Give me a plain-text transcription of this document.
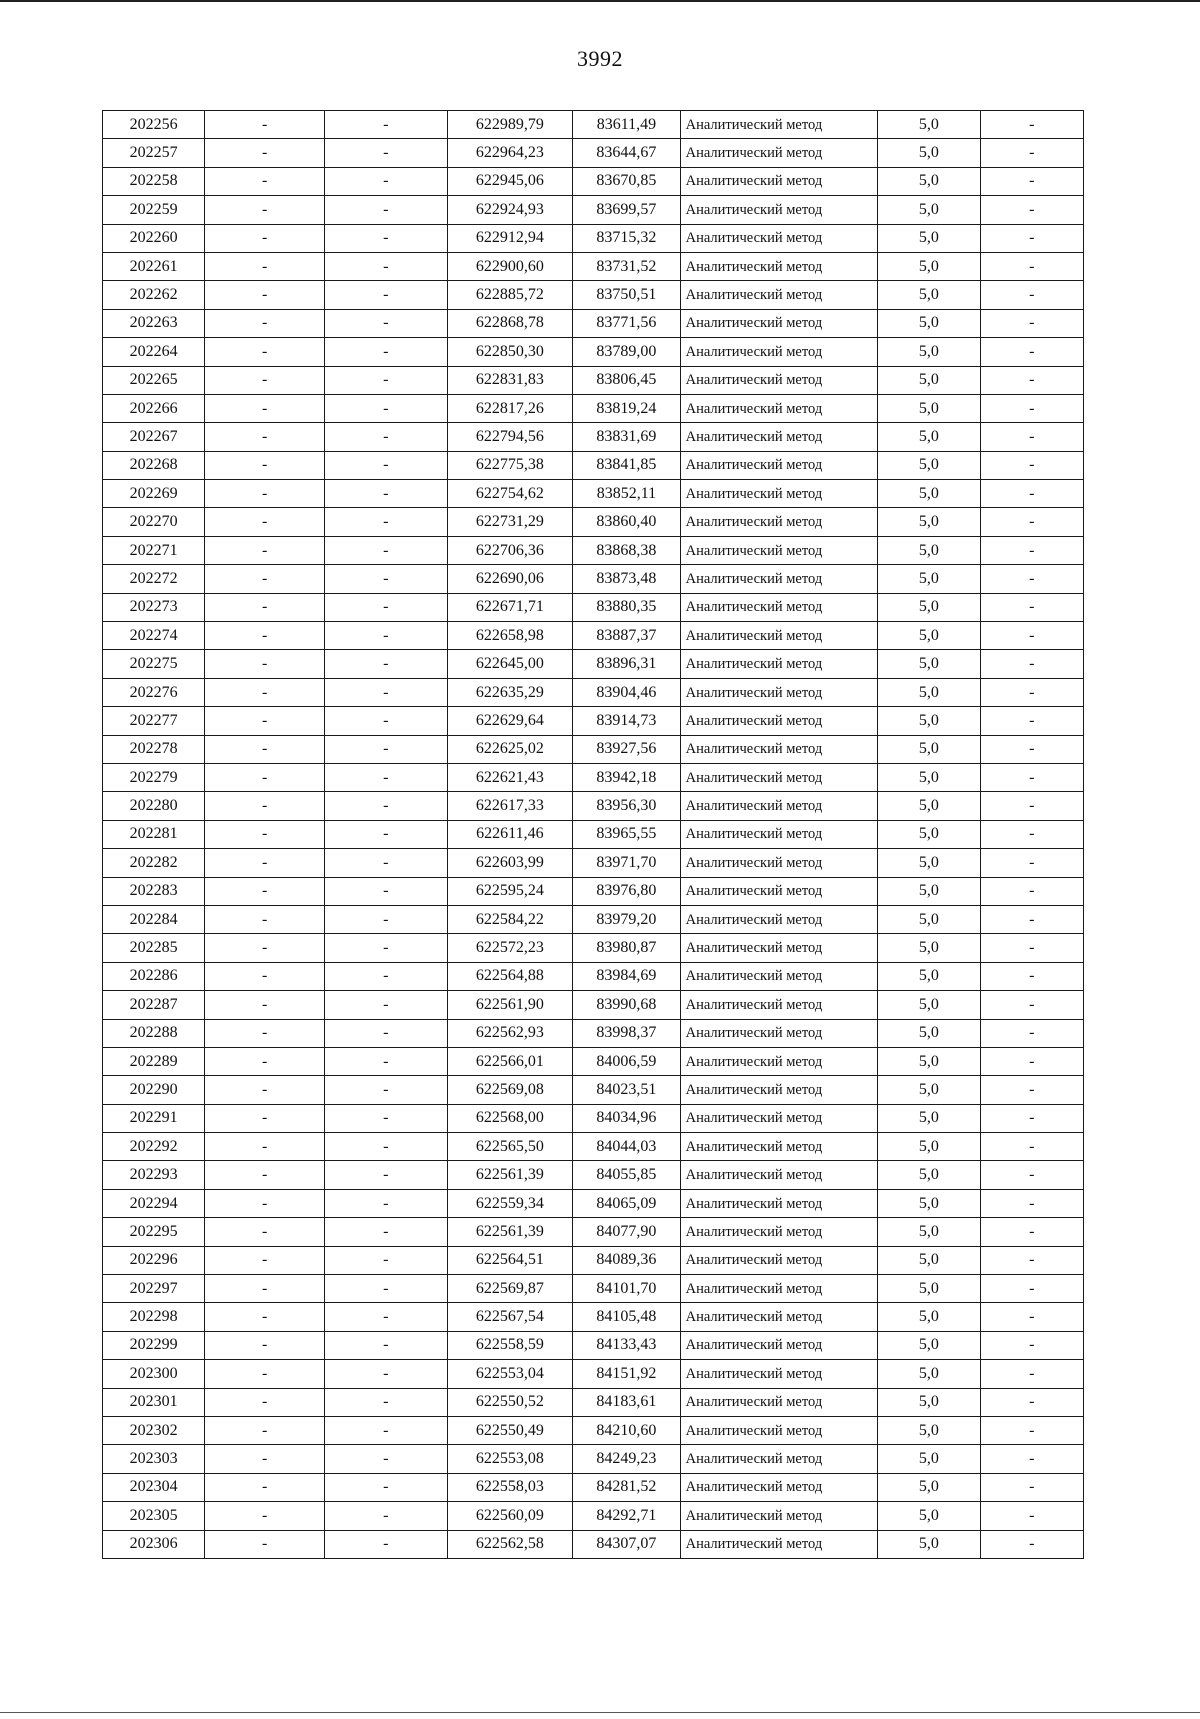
3992
202256	-	-	622989,79	83611,49	Аналитический метод	5,0	-
202257	-	-	622964,23	83644,67	Аналитический метод	5,0	-
202258	-	-	622945,06	83670,85	Аналитический метод	5,0	-
202259	-	-	622924,93	83699,57	Аналитический метод	5,0	-
202260	-	-	622912,94	83715,32	Аналитический метод	5,0	-
202261	-	-	622900,60	83731,52	Аналитический метод	5,0	-
202262	-	-	622885,72	83750,51	Аналитический метод	5,0	-
202263	-	-	622868,78	83771,56	Аналитический метод	5,0	-
202264	-	-	622850,30	83789,00	Аналитический метод	5,0	-
202265	-	-	622831,83	83806,45	Аналитический метод	5,0	-
202266	-	-	622817,26	83819,24	Аналитический метод	5,0	-
202267	-	-	622794,56	83831,69	Аналитический метод	5,0	-
202268	-	-	622775,38	83841,85	Аналитический метод	5,0	-
202269	-	-	622754,62	83852,11	Аналитический метод	5,0	-
202270	-	-	622731,29	83860,40	Аналитический метод	5,0	-
202271	-	-	622706,36	83868,38	Аналитический метод	5,0	-
202272	-	-	622690,06	83873,48	Аналитический метод	5,0	-
202273	-	-	622671,71	83880,35	Аналитический метод	5,0	-
202274	-	-	622658,98	83887,37	Аналитический метод	5,0	-
202275	-	-	622645,00	83896,31	Аналитический метод	5,0	-
202276	-	-	622635,29	83904,46	Аналитический метод	5,0	-
202277	-	-	622629,64	83914,73	Аналитический метод	5,0	-
202278	-	-	622625,02	83927,56	Аналитический метод	5,0	-
202279	-	-	622621,43	83942,18	Аналитический метод	5,0	-
202280	-	-	622617,33	83956,30	Аналитический метод	5,0	-
202281	-	-	622611,46	83965,55	Аналитический метод	5,0	-
202282	-	-	622603,99	83971,70	Аналитический метод	5,0	-
202283	-	-	622595,24	83976,80	Аналитический метод	5,0	-
202284	-	-	622584,22	83979,20	Аналитический метод	5,0	-
202285	-	-	622572,23	83980,87	Аналитический метод	5,0	-
202286	-	-	622564,88	83984,69	Аналитический метод	5,0	-
202287	-	-	622561,90	83990,68	Аналитический метод	5,0	-
202288	-	-	622562,93	83998,37	Аналитический метод	5,0	-
202289	-	-	622566,01	84006,59	Аналитический метод	5,0	-
202290	-	-	622569,08	84023,51	Аналитический метод	5,0	-
202291	-	-	622568,00	84034,96	Аналитический метод	5,0	-
202292	-	-	622565,50	84044,03	Аналитический метод	5,0	-
202293	-	-	622561,39	84055,85	Аналитический метод	5,0	-
202294	-	-	622559,34	84065,09	Аналитический метод	5,0	-
202295	-	-	622561,39	84077,90	Аналитический метод	5,0	-
202296	-	-	622564,51	84089,36	Аналитический метод	5,0	-
202297	-	-	622569,87	84101,70	Аналитический метод	5,0	-
202298	-	-	622567,54	84105,48	Аналитический метод	5,0	-
202299	-	-	622558,59	84133,43	Аналитический метод	5,0	-
202300	-	-	622553,04	84151,92	Аналитический метод	5,0	-
202301	-	-	622550,52	84183,61	Аналитический метод	5,0	-
202302	-	-	622550,49	84210,60	Аналитический метод	5,0	-
202303	-	-	622553,08	84249,23	Аналитический метод	5,0	-
202304	-	-	622558,03	84281,52	Аналитический метод	5,0	-
202305	-	-	622560,09	84292,71	Аналитический метод	5,0	-
202306	-	-	622562,58	84307,07	Аналитический метод	5,0	-
